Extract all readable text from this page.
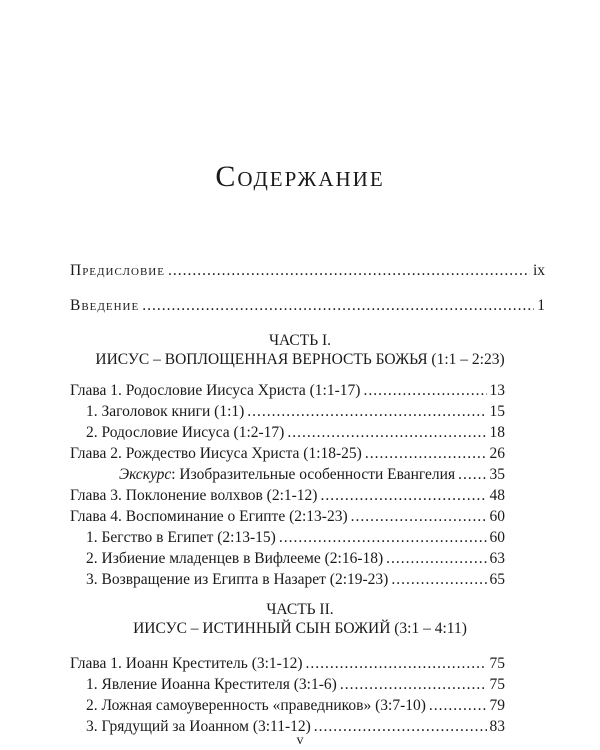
Содержание
Предисловие .....	ix
Введение .....	1
ЧАСТЬ I.
ИИСУС – ВОПЛОЩЕННАЯ ВЕРНОСТЬ БОЖЬЯ (1:1 – 2:23)
Глава 1. Родословие Иисуса Христа (1:1-17) .....	13
1. Заголовок книги (1:1) .....	15
2. Родословие Иисуса (1:2-17) .....	18
Глава 2. Рождество Иисуса Христа (1:18-25) .....	26
Экскурс: Изобразительные особенности Евангелия ..... 35
Глава 3. Поклонение волхвов (2:1-12) .....	48
Глава 4. Воспоминание о Египте (2:13-23) .....	60
1. Бегство в Египет (2:13-15) .....	60
2. Избиение младенцев в Вифлееме (2:16-18) .....	63
3. Возвращение из Египта в Назарет (2:19-23) .....	65
ЧАСТЬ II.
ИИСУС – ИСТИННЫЙ СЫН БОЖИЙ (3:1 – 4:11)
Глава 1. Иоанн Креститель (3:1-12) .....	75
1. Явление Иоанна Крестителя (3:1-6) .....	75
2. Ложная самоуверенность «праведников» (3:7-10) .....	79
3. Грядущий за Иоанном (3:11-12) .....	83
v
